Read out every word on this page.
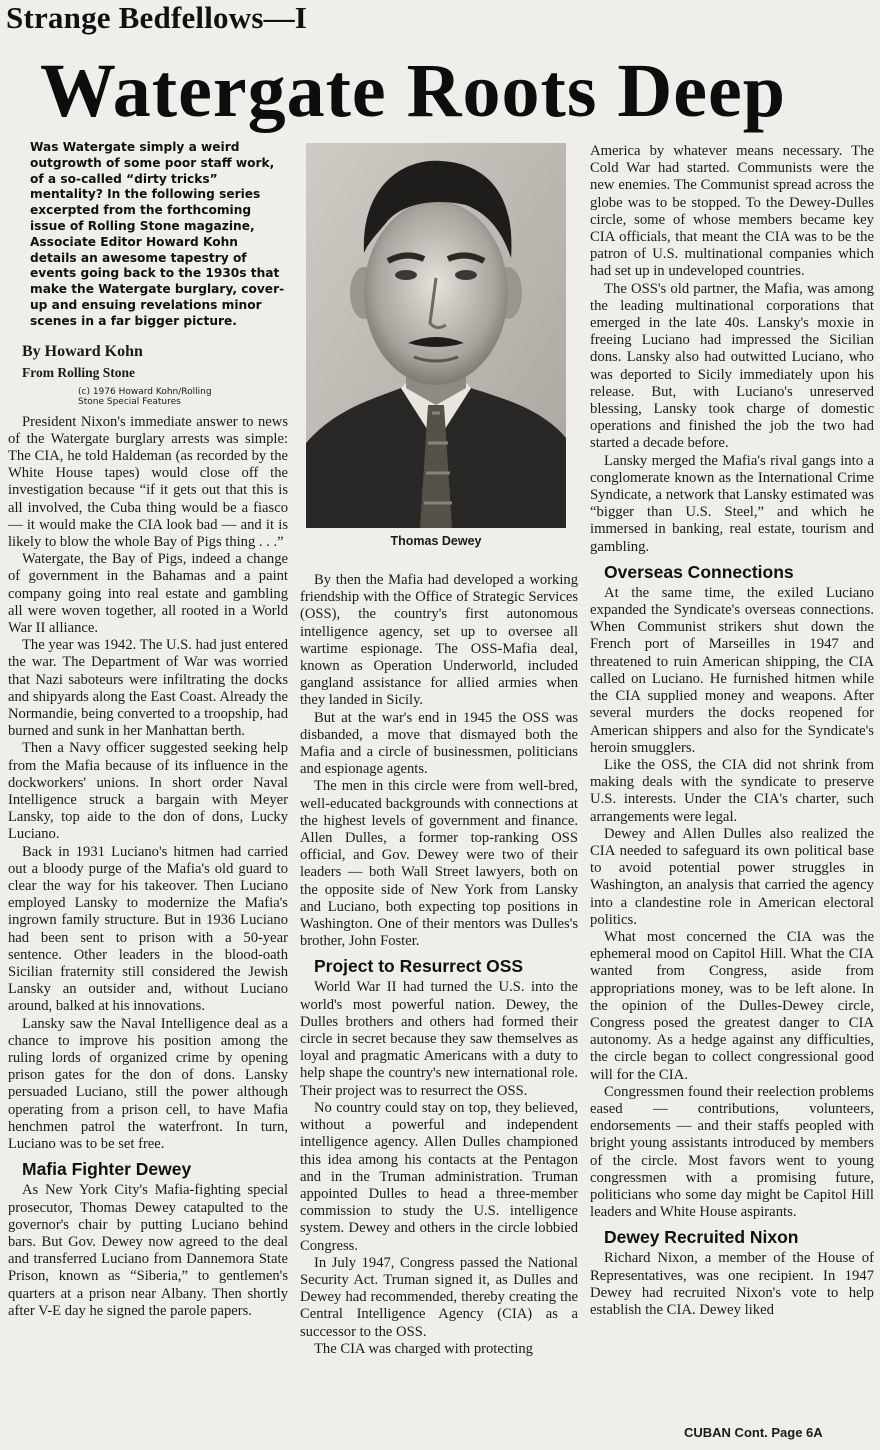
Strange Bedfellows—I
Watergate Roots Deep
Was Watergate simply a weird outgrowth of some poor staff work, of a so-called “dirty tricks” mentality? In the following series excerpted from the forthcoming issue of Rolling Stone magazine, Associate Editor Howard Kohn details an awesome tapestry of events going back to the 1930s that make the Watergate burglary, cover-up and ensuing revelations minor scenes in a far bigger picture.
By Howard Kohn
From Rolling Stone
(c) 1976 Howard Kohn/Rolling Stone Special Features

President Nixon's immediate answer to news of the Watergate burglary arrests was simple: The CIA, he told Haldeman (as recorded by the White House tapes) would close off the investigation because “if it gets out that this is all involved, the Cuba thing would be a fiasco — it would make the CIA look bad — and it is likely to blow the whole Bay of Pigs thing . . .”

Watergate, the Bay of Pigs, indeed a change of government in the Bahamas and a paint company going into real estate and gambling all were woven together, all rooted in a World War II alliance.

The year was 1942. The U.S. had just entered the war. The Department of War was worried that Nazi saboteurs were infiltrating the docks and shipyards along the East Coast. Already the Normandie, being converted to a troopship, had burned and sunk in her Manhattan berth.

Then a Navy officer suggested seeking help from the Mafia because of its influence in the dockworkers' unions. In short order Naval Intelligence struck a bargain with Meyer Lansky, top aide to the don of dons, Lucky Luciano.

Back in 1931 Luciano's hitmen had carried out a bloody purge of the Mafia's old guard to clear the way for his takeover. Then Luciano employed Lansky to modernize the Mafia's ingrown family structure. But in 1936 Luciano had been sent to prison with a 50-year sentence. Other leaders in the blood-oath Sicilian fraternity still considered the Jewish Lansky an outsider and, without Luciano around, balked at his innovations.

Lansky saw the Naval Intelligence deal as a chance to improve his position among the ruling lords of organized crime by opening prison gates for the don of dons. Lansky persuaded Luciano, still the power although operating from a prison cell, to have Mafia henchmen patrol the waterfront. In turn, Luciano was to be set free.

Mafia Fighter Dewey

As New York City's Mafia-fighting special prosecutor, Thomas Dewey catapulted to the governor's chair by putting Luciano behind bars. But Gov. Dewey now agreed to the deal and transferred Luciano from Dannemora State Prison, known as “Siberia,” to gentlemen's quarters at a prison near Albany. Then shortly after V-E day he signed the parole papers.

Thomas Dewey

By then the Mafia had developed a working friendship with the Office of Strategic Services (OSS), the country's first autonomous intelligence agency, set up to oversee all wartime espionage. The OSS-Mafia deal, known as Operation Underworld, included gangland assistance for allied armies when they landed in Sicily.

But at the war's end in 1945 the OSS was disbanded, a move that dismayed both the Mafia and a circle of businessmen, politicians and espionage agents.

The men in this circle were from well-bred, well-educated backgrounds with connections at the highest levels of government and finance. Allen Dulles, a former top-ranking OSS official, and Gov. Dewey were two of their leaders — both Wall Street lawyers, both on the opposite side of New York from Lansky and Luciano, both expecting top positions in Washington. One of their mentors was Dulles's brother, John Foster.

Project to Resurrect OSS

World War II had turned the U.S. into the world's most powerful nation. Dewey, the Dulles brothers and others had formed their circle in secret because they saw themselves as loyal and pragmatic Americans with a duty to help shape the country's new international role. Their project was to resurrect the OSS.

No country could stay on top, they believed, without a powerful and independent intelligence agency. Allen Dulles championed this idea among his contacts at the Pentagon and in the Truman administration. Truman appointed Dulles to head a three-member commission to study the U.S. intelligence system. Dewey and others in the circle lobbied Congress.

In July 1947, Congress passed the National Security Act. Truman signed it, as Dulles and Dewey had recommended, thereby creating the Central Intelligence Agency (CIA) as a successor to the OSS.

The CIA was charged with protecting

America by whatever means necessary. The Cold War had started. Communists were the new enemies. The Communist spread across the globe was to be stopped. To the Dewey-Dulles circle, some of whose members became key CIA officials, that meant the CIA was to be the patron of U.S. multinational companies which had set up in undeveloped countries.

The OSS's old partner, the Mafia, was among the leading multinational corporations that emerged in the late 40s. Lansky's moxie in freeing Luciano had impressed the Sicilian dons. Lansky also had outwitted Luciano, who was deported to Sicily immediately upon his release. But, with Luciano's unreserved blessing, Lansky took charge of domestic operations and finished the job the two had started a decade before.

Lansky merged the Mafia's rival gangs into a conglomerate known as the International Crime Syndicate, a network that Lansky estimated was “bigger than U.S. Steel,” and which he immersed in banking, real estate, tourism and gambling.

Overseas Connections

At the same time, the exiled Luciano expanded the Syndicate's overseas connections. When Communist strikers shut down the French port of Marseilles in 1947 and threatened to ruin American shipping, the CIA called on Luciano. He furnished hitmen while the CIA supplied money and weapons. After several murders the docks reopened for American shippers and also for the Syndicate's heroin smugglers.

Like the OSS, the CIA did not shrink from making deals with the syndicate to preserve U.S. interests. Under the CIA's charter, such arrangements were legal.

Dewey and Allen Dulles also realized the CIA needed to safeguard its own political base to avoid potential power struggles in Washington, an analysis that carried the agency into a clandestine role in American electoral politics.

What most concerned the CIA was the ephemeral mood on Capitol Hill. What the CIA wanted from Congress, aside from appropriations money, was to be left alone. In the opinion of the Dulles-Dewey circle, Congress posed the greatest danger to CIA autonomy. As a hedge against any difficulties, the circle began to collect congressional good will for the CIA.

Congressmen found their reelection problems eased — contributions, volunteers, endorsements — and their staffs peopled with bright young assistants introduced by members of the circle. Most favors went to young congressmen with a promising future, politicians who some day might be Capitol Hill leaders and White House aspirants.

Dewey Recruited Nixon

Richard Nixon, a member of the House of Representatives, was one recipient. In 1947 Dewey had recruited Nixon's vote to help establish the CIA. Dewey liked

CUBAN Cont. Page 6A
